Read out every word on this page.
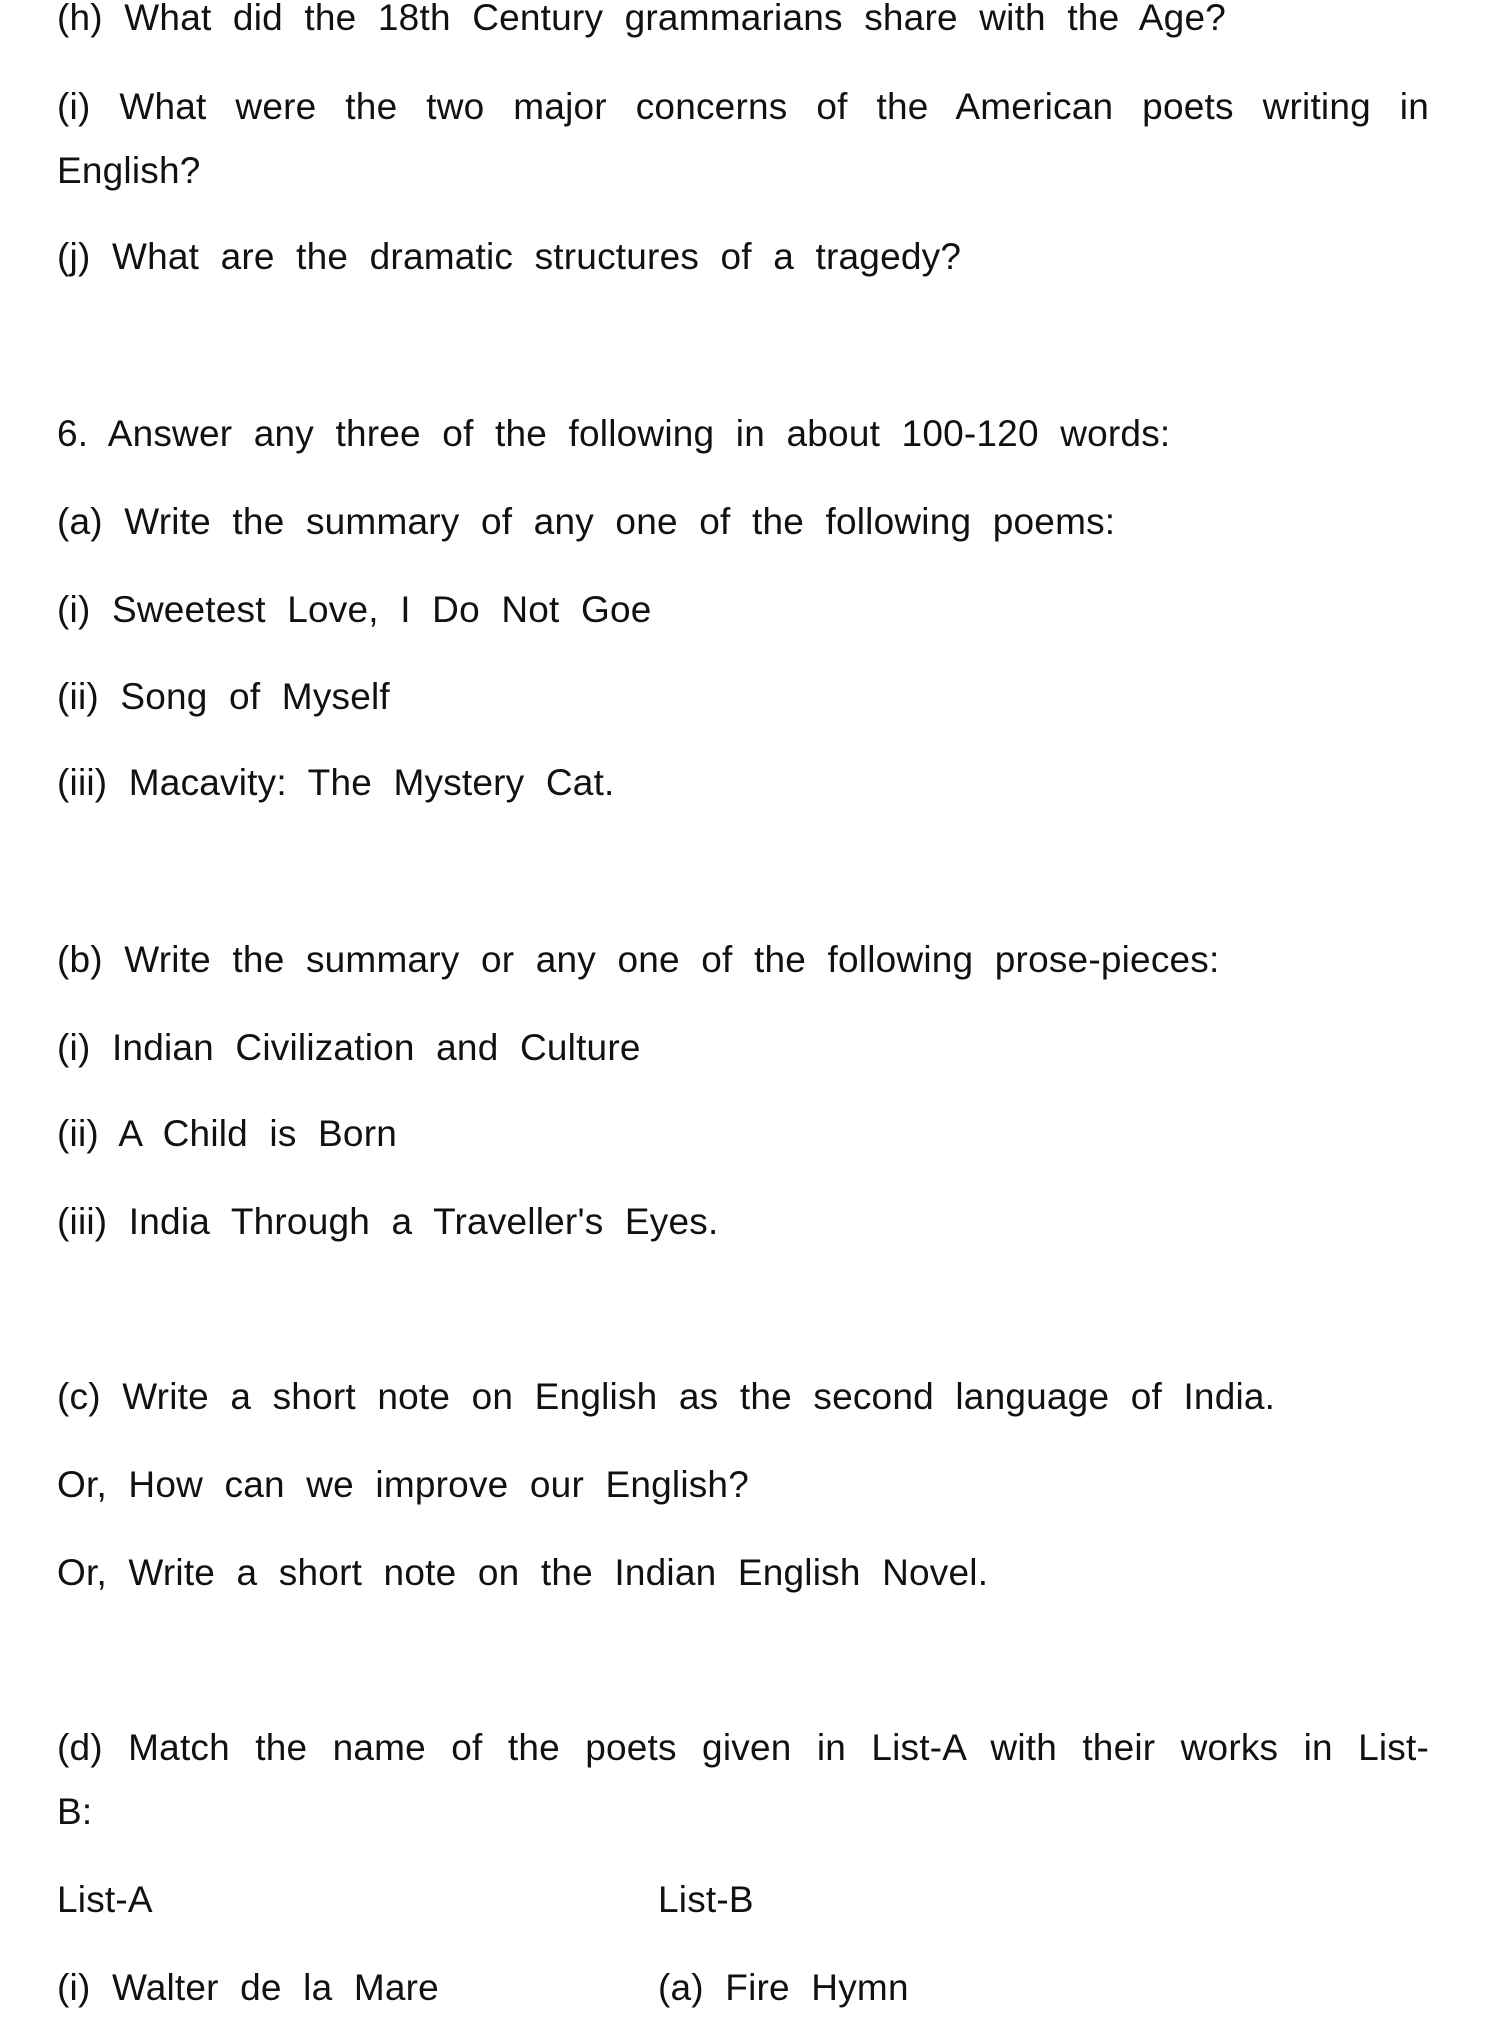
(h) What did the 18th Century grammarians share with the Age?
(i) What were the two major concerns of the American poets writing in
English?
(j) What are the dramatic structures of a tragedy?
6. Answer any three of the following in about 100-120 words:
(a) Write the summary of any one of the following poems:
(i) Sweetest Love, I Do Not Goe
(ii) Song of Myself
(iii) Macavity: The Mystery Cat.
(b) Write the summary or any one of the following prose-pieces:
(i) Indian Civilization and Culture
(ii) A Child is Born
(iii) India Through a Traveller's Eyes.
(c) Write a short note on English as the second language of India.
Or, How can we improve our English?
Or, Write a short note on the Indian English Novel.
(d) Match the name of the poets given in List-A with their works in List-
B:
List-A	List-B
(i) Walter de la Mare	(a) Fire Hymn
